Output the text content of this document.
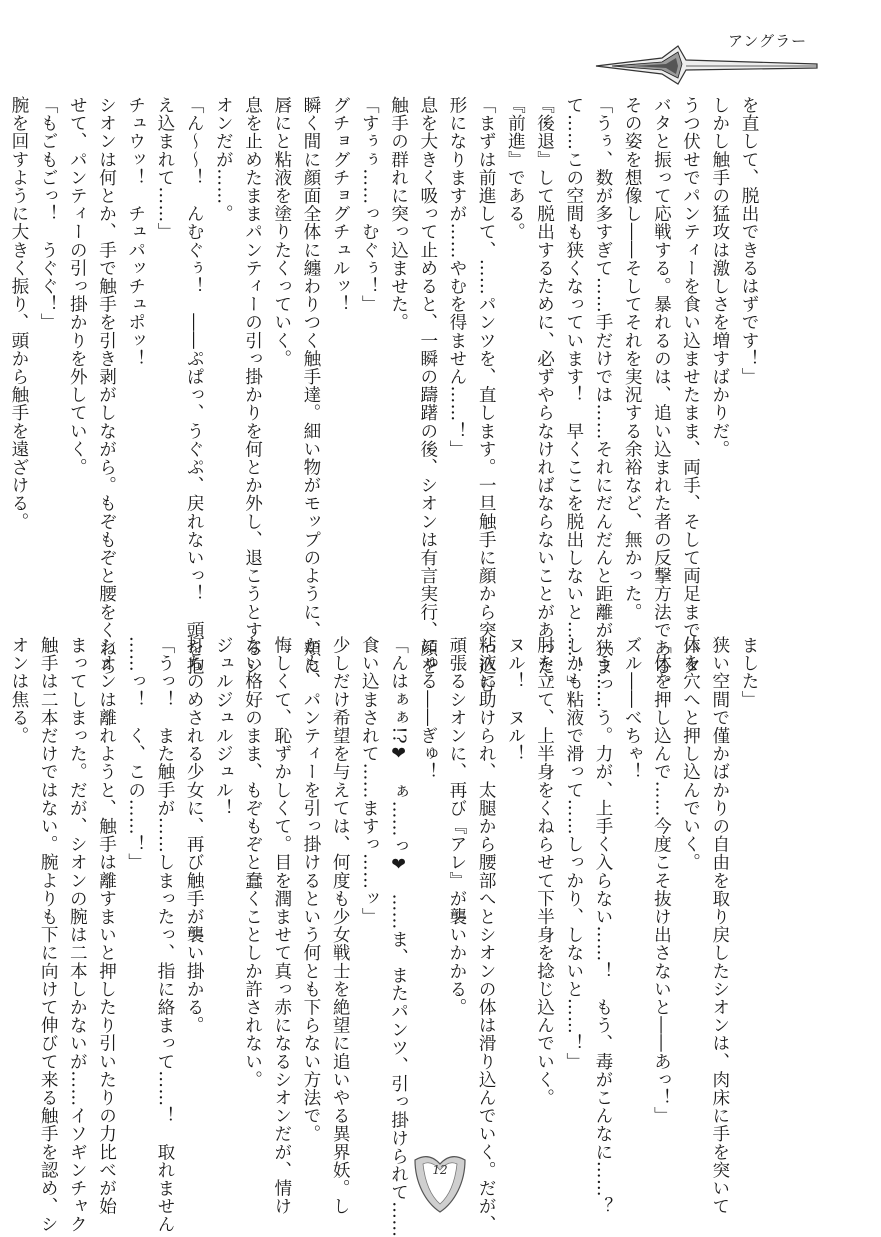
アングラー
を直して、脱出できるはずです！」
しかし触手の猛攻は激しさを増すばかりだ。
うつ伏せでパンティーを食い込ませたまま、両手、そして両足までバタ
バタと振って応戦する。暴れるのは、追い込まれた者の反撃方法である。
その姿を想像し――そしてそれを実況する余裕など、無かった。
「うぅ、数が多すぎて……手だけでは……それにだんだんと距離が狭まっ
て……この空間も狭くなっています！　早くここを脱出しないと……！」
『後退』して脱出するために、必ずやらなければならないことがあった。
『前進』である。
「まずは前進して、……パンツを、直します。一旦触手に顔から突っ込む
形になりますが……やむを得ません……！」
息を大きく吸って止めると、一瞬の躊躇の後、シオンは有言実行、顔を
触手の群れに突っ込ませた。
「すぅぅ……っむぐぅ！」
グチョグチョグチュルッ！
瞬く間に顔面全体に纏わりつく触手達。細い物がモップのように、頬に
唇にと粘液を塗りたくっていく。
息を止めたままパンティーの引っ掛かりを何とか外し、退こうとするシ
オンだが……。
「ん～～！　んむぐぅ！　――ぷぱっ、うぐぷ、戻れないっ！　頭を抱
え込まれて……」
チュウッ！　チュパッチュポッ！
シオンは何とか、手で触手を引き剥がしながら。もぞもぞと腰をくねら
せて、パンティーの引っ掛かりを外していく。
「もごもごっ！　うぐぐ！」
腕を回すように大きく振り、頭から触手を遠ざける。
ました」
狭い空間で僅かばかりの自由を取り戻したシオンは、肉床に手を突いて
体を穴へと押し込んでいく。
「体を押し込んで……今度こそ抜け出さないと――あっ！」
ズル――べちゃ！
「う……う。力が、上手く入らない……！　もう、毒がこんなに……？
しかも粘液で滑って……しっかり、しないと……！」
肘を立て、上半身をくねらせて下半身を捻じ込んでいく。
ヌル！　ヌル！
粘液に助けられ、太腿から腰部へとシオンの体は滑り込んでいく。だが、
頑張るシオンに、再び『アレ』が襲いかかる。
にゅる――ぎゅ！
「んはぁぁ!?❤　ぁ……っ❤　……ま、またパンツ、引っ掛けられて……
食い込まされて……ますっ……ッ」
少しだけ希望を与えては、何度も少女戦士を絶望に追いやる異界妖。し
かも、パンティーを引っ掛けるという何とも下らない方法で。
悔しくて、恥ずかしくて。目を潤ませて真っ赤になるシオンだが、情け
ない格好のまま、もぞもぞと蠢くことしか許されない。
ジュルジュルジュル！
打ちのめされる少女に、再び触手が襲い掛かる。
「うっ！　また触手が……しまったっ、指に絡まって……！　取れません
……っ！　く、この……！」
シオンは離れようと、触手は離すまいと押したり引いたりの力比べが始
まってしまった。だが、シオンの腕は二本しかないが……イソギンチャク
触手は二本だけではない。腕よりも下に向けて伸びて来る触手を認め、シ
オンは焦る。
12
